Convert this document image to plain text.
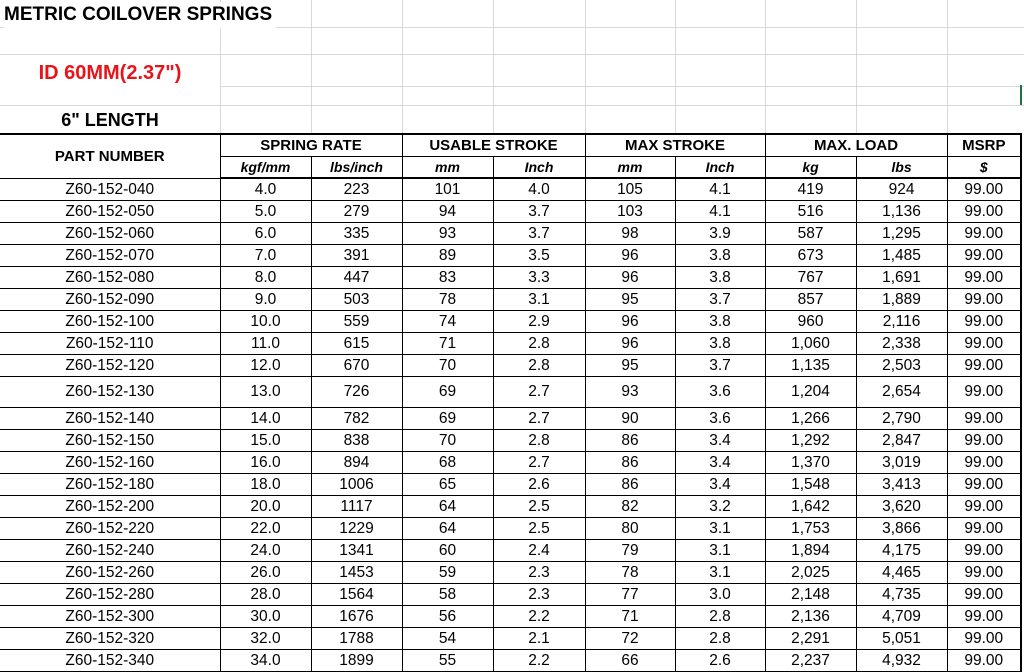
METRIC COILOVER SPRINGS
ID 60MM(2.37")
6" LENGTH
PART NUMBER	SPRING RATE		USABLE STROKE		MAX STROKE		MAX. LOAD		MSRP
	kgf/mm	lbs/inch	mm	Inch	mm	Inch	kg	lbs	$
Z60-152-040	4.0	223	101	4.0	105	4.1	419	924	99.00
Z60-152-050	5.0	279	94	3.7	103	4.1	516	1,136	99.00
Z60-152-060	6.0	335	93	3.7	98	3.9	587	1,295	99.00
Z60-152-070	7.0	391	89	3.5	96	3.8	673	1,485	99.00
Z60-152-080	8.0	447	83	3.3	96	3.8	767	1,691	99.00
Z60-152-090	9.0	503	78	3.1	95	3.7	857	1,889	99.00
Z60-152-100	10.0	559	74	2.9	96	3.8	960	2,116	99.00
Z60-152-110	11.0	615	71	2.8	96	3.8	1,060	2,338	99.00
Z60-152-120	12.0	670	70	2.8	95	3.7	1,135	2,503	99.00
Z60-152-130	13.0	726	69	2.7	93	3.6	1,204	2,654	99.00
Z60-152-140	14.0	782	69	2.7	90	3.6	1,266	2,790	99.00
Z60-152-150	15.0	838	70	2.8	86	3.4	1,292	2,847	99.00
Z60-152-160	16.0	894	68	2.7	86	3.4	1,370	3,019	99.00
Z60-152-180	18.0	1006	65	2.6	86	3.4	1,548	3,413	99.00
Z60-152-200	20.0	1117	64	2.5	82	3.2	1,642	3,620	99.00
Z60-152-220	22.0	1229	64	2.5	80	3.1	1,753	3,866	99.00
Z60-152-240	24.0	1341	60	2.4	79	3.1	1,894	4,175	99.00
Z60-152-260	26.0	1453	59	2.3	78	3.1	2,025	4,465	99.00
Z60-152-280	28.0	1564	58	2.3	77	3.0	2,148	4,735	99.00
Z60-152-300	30.0	1676	56	2.2	71	2.8	2,136	4,709	99.00
Z60-152-320	32.0	1788	54	2.1	72	2.8	2,291	5,051	99.00
Z60-152-340	34.0	1899	55	2.2	66	2.6	2,237	4,932	99.00
